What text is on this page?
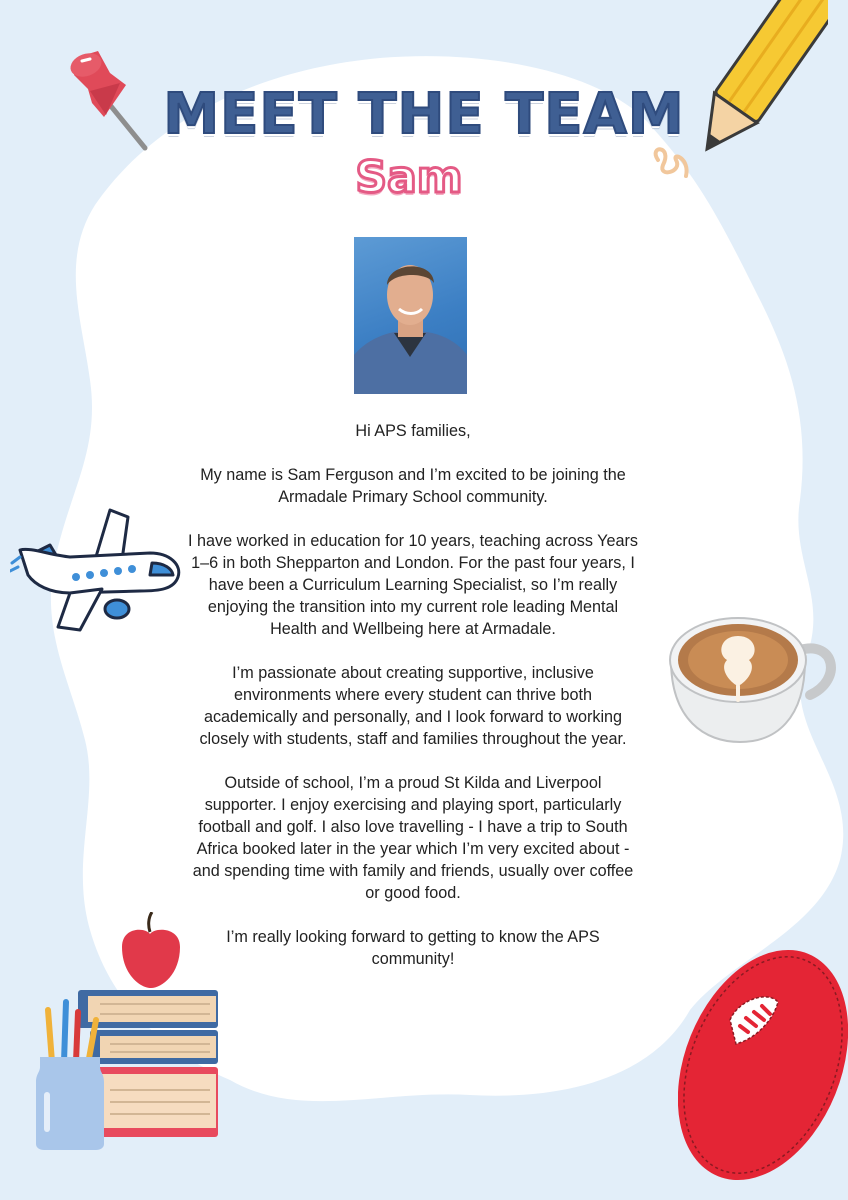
MEET THE TEAM
Sam

Hi APS families,

My name is Sam Ferguson and I’m excited to be joining the Armadale Primary School community.

I have worked in education for 10 years, teaching across Years 1–6 in both Shepparton and London. For the past four years, I have been a Curriculum Learning Specialist, so I’m really enjoying the transition into my current role leading Mental Health and Wellbeing here at Armadale.

I’m passionate about creating supportive, inclusive environments where every student can thrive both academically and personally, and I look forward to working closely with students, staff and families throughout the year.

Outside of school, I’m a proud St Kilda and Liverpool supporter. I enjoy exercising and playing sport, particularly football and golf. I also love travelling - I have a trip to South Africa booked later in the year which I’m very excited about - and spending time with family and friends, usually over coffee or good food.

I’m really looking forward to getting to know the APS community!
